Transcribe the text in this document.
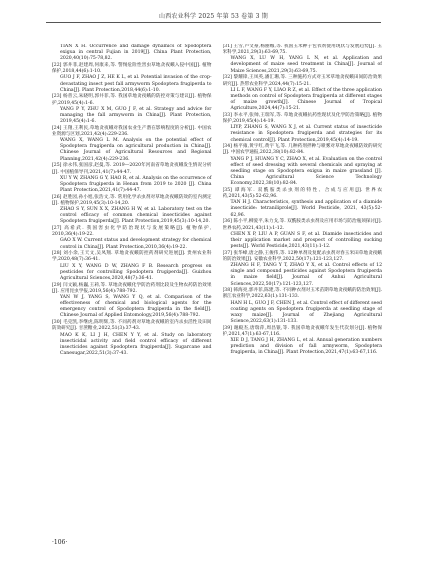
山西农业科学 2025 年第 53 卷第 3 期

TIAN X H. Occurrence and damage dynamics of Spodoptera exigua in central Fujian in 2019[J]. China Plant Protection, 2020,40(10):75-78,82.

[22] 郭井菲,赵建周,何康来,等. 警惕危险性害虫草地贪夜蛾入侵中国[J]. 植物保护,2018,44(6):1-10.
GUO J F, ZHAO J Z, HE K L, et al. Potential invasion of the crop-devastating insect pest fall armyworm Spodoptera frugiperda to China[J]. Plant Protection,2018,44(6):1-10.

[23] 杨普云,朱晓明,郭井菲,等. 我国草地贪夜蛾的防控对策与建议[J]. 植物保护,2019,45(4):1-6.
YANG P Y, ZHU X M, GUO J F, et al. Strategy and advice for managing the fall armyworm in China[J]. Plant Protection, 2019,45(4):1-6.

[24] 王翔,王利民,草地贪夜蛾对我国农业生产潜在影响程度的分析[J]. 中国农业资源与区划,2021,42(4):229-236.
WANG X, WANG L M. Analysis on the potential effect of Spodoptera frugiperda on agricultural production in China[J]. Chinese Journal of Agricultural Resources and Regional Planning,2021,42(4):229-236.

[25] 徐永伟,张国彦,赵曼,等. 2019—2020年河南省草地贪夜蛾发生情况分析[J]. 中国植保导刊,2021,41(7):44-47.
XU Y W, ZHANG G Y, HAO R, et al. Analysis on the occurrence of Spodoptera frugiperda in Henan from 2019 to 2020 [J]. China Plant Protection,2021,41(7):44-47.

[26] 赵胜园,孙小旭,张浩文,等. 常用化学杀虫剂对草地贪夜蛾防效的室内测定[J]. 植物保护,2019,45(3):10-14,20.
ZHAO S Y, SUN X X, ZHANG H W, et al. Laboratory test on the control efficacy of common chemical insecticides against Spodoptera frugiperda[J]. Plant Protection,2019,45(3):10-14,20.

[27] 高希武. 我国害虫化学防治现状与发展策略[J]. 植物保护, 2010,36(4):19-22.
GAO X W. Current status and development strategy for chemical control in China[J]. Plant Protection,2010,36(4):19-22.

[28] 刘小余,王天文,吴凤翔. 草地贪夜蛾防控药剂研究进展[J]. 贵州农业科学,2020,48(7):36-41.
LIU X Y, WANG D W, ZHANG F B. Research progress on pesticides for controlling Spodoptera frugiperda[J]. Guizhou Agricultural Sciences,2020,48(7):36-41.

[29] 闫文颖,杨巍,王莉,等. 草地贪夜蛾化学防治药剂比较及生物农药防治效果[J]. 应用昆虫学报,2019,56(4):788-792.
YAN W J, YANG S, WANG Y Q, et al. Comparison of the effectiveness of chemical and biological agents for the emergency control of Spodoptera frugiperda in the field[J]. Chinese Journal of Applied Entomology,2019,56(4):788-792.

[30] 毛克凯,李继虎,陈明辉,等. 不同药剂对草地贪夜蛾的室内杀虫活性及田间防效研究[J]. 甘蔗糖业,2022,51(3):37-43.
MAO K K, LI J H, CHEN Y Y, et al. Study on laboratory insecticidal activity and field control efficacy of different insecticides against Spodoptera frugiperda[J]. Sugarcane and Canesugar,2022,51(3):37-43.

[31] 王雪,卢文豪,杨丽娜,等. 我国玉米种子包衣剂使用现状与发展趋势[J]. 玉米科学,2021,29(3):63-69,75.
WANG X, LU W H, YANG L N, et al. Application and development of maize seed treatment in China[J]. Journal of Maize Sciences,2021,29(3):63-69,75.

[32] 黎耀锋,王凤英,潘汇珊,等. 三种施药方式对玉米草地贪夜蛾田间防治效果研究[J]. 热带农业科学,2024,44(7):15-21.
LI L F, WANG F Y, LIAO R Z, et al. Effect of the three application methods on control of Spodoptera frugiperda at different stages of maize growth[J]. Chinese Journal of Tropical Agriculture,2024,44(7):15-21.

[33] 李永平,张帅,王瑞军,等. 草地贪夜蛾抗药性现状及化学防治策略[J]. 植物保护,2019,45(4):14-19.
LIYP, ZHANG S, WANG X J, et al. Current status of insecticide resistance in Spodoptera frugiperda and strategies for its chemical control[J]. Plant Protection,2019,45(4):14-19.

[34] 杨平雍,黄宇红,黄宇飞,等. 几种药剂拌种与喷雾对草地贪夜蛾防效的研究[J]. 中国农学通报,2022,38(10):82-84.
YANG P J, HUANG Y C, ZHAO X, et al. Evaluation on the control effect of seed dressing with several chemicals and spraying at seedling stage on Spodoptera exigua in maize grassland [J]. China Agricultural Science Technology Economy,2022,38(10):82-84.

[35] 谭海军. 双酰胺类杀虫剂的特性、合成与应用[J]. 世界农药,2021,43(5):52-62,96.
TAN H J. Characteristics, synthesis and application of a diamide insecticide: tetraniliprole[J]. World Pesticide, 2021, 43(5):52-62,96.

[36] 陈小平,柳爱平,朱力戈,等. 双酰胺类杀虫剂及应用市场与防治瓶颈探讨[J]. 世界农药,2021,43(11):1-12.
CHEN X P, LIU A P, GUAN S F, et al. Diamide insecticides and their application market and prospect of controlling sucking pests[J]. World Pesticide,2021,43(11):1-12.

[37] 张华峰,唐之静,王俊伟,等. 12种单剂及复配杀虫剂对春玉米田草地贪夜蛾的防治效果[J]. 安徽农业科学,2022,50(17):121-123,127.
ZHANG H F, TANG Y T, ZHAO Y X, et al. Control effects of 12 single and compound pesticides against Spodoptera frugiperda in maize field[J]. Journal of Anhui Agricultural Sciences,2022,50(17):121-123,127.

[38] 韩海亮,郭井菲,陈建,等. 不同种衣剂对玉米苗期草地贪夜蛾的防治效果[J]. 浙江农业科学,2022,63(1):131-133.
HAN H L, GUO J F, CHEN J, et al. Control effect of different seed coating agents on Spodoptera frugiperda at seedling stage of waxy maize[J]. Journal of Zhejiang Agricultural Science,2022,63(1):131-133.

[39] 谢殿杰,唐瑞萍,周昌银,等. 我国草地贪夜蛾年发生代次划分[J]. 植物保护,2021,47(1):63-67,116.
XIE D J, TANG J H, ZHANG L, et al. Annual generation numbers prediction and division of fall armyworm, Spodoptera frugiperda, in China[J]. Plant Protection,2021,47(1):63-67,116.

·106·
